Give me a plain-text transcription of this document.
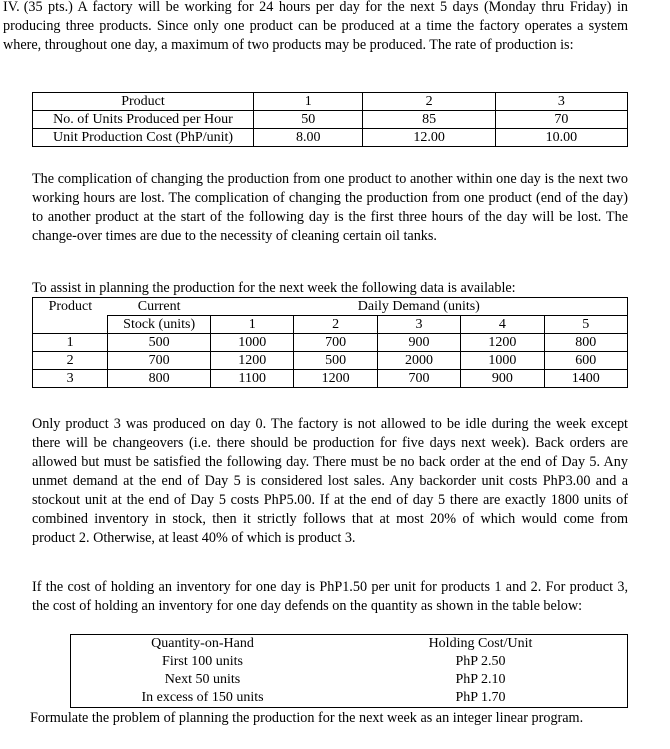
IV. (35 pts.) A factory will be working for 24 hours per day for the next 5 days (Monday thru Friday) in producing three products. Since only one product can be produced at a time the factory operates a system where, throughout one day, a maximum of two products may be produced. The rate of production is:

Product	1	2	3
No. of Units Produced per Hour	50	85	70
Unit Production Cost (PhP/unit)	8.00	12.00	10.00

The complication of changing the production from one product to another within one day is the next two working hours are lost. The complication of changing the production from one product (end of the day) to another product at the start of the following day is the first three hours of the day will be lost. The change-over times are due to the necessity of cleaning certain oil tanks.

To assist in planning the production for the next week the following data is available:

Product	Current	Daily Demand (units)				
	Stock (units)	1	2	3	4	5
1	500	1000	700	900	1200	800
2	700	1200	500	2000	1000	600
3	800	1100	1200	700	900	1400

Only product 3 was produced on day 0. The factory is not allowed to be idle during the week except there will be changeovers (i.e. there should be production for five days next week). Back orders are allowed but must be satisfied the following day. There must be no back order at the end of Day 5. Any unmet demand at the end of Day 5 is considered lost sales. Any backorder unit costs PhP3.00 and a stockout unit at the end of Day 5 costs PhP5.00. If at the end of day 5 there are exactly 1800 units of combined inventory in stock, then it strictly follows that at most 20% of which would come from product 2. Otherwise, at least 40% of which is product 3.

If the cost of holding an inventory for one day is PhP1.50 per unit for products 1 and 2. For product 3, the cost of holding an inventory for one day defends on the quantity as shown in the table below:

Quantity-on-Hand	Holding Cost/Unit
First 100 units	PhP 2.50
Next 50 units	PhP 2.10
In excess of 150 units	PhP 1.70

Formulate the problem of planning the production for the next week as an integer linear program.
